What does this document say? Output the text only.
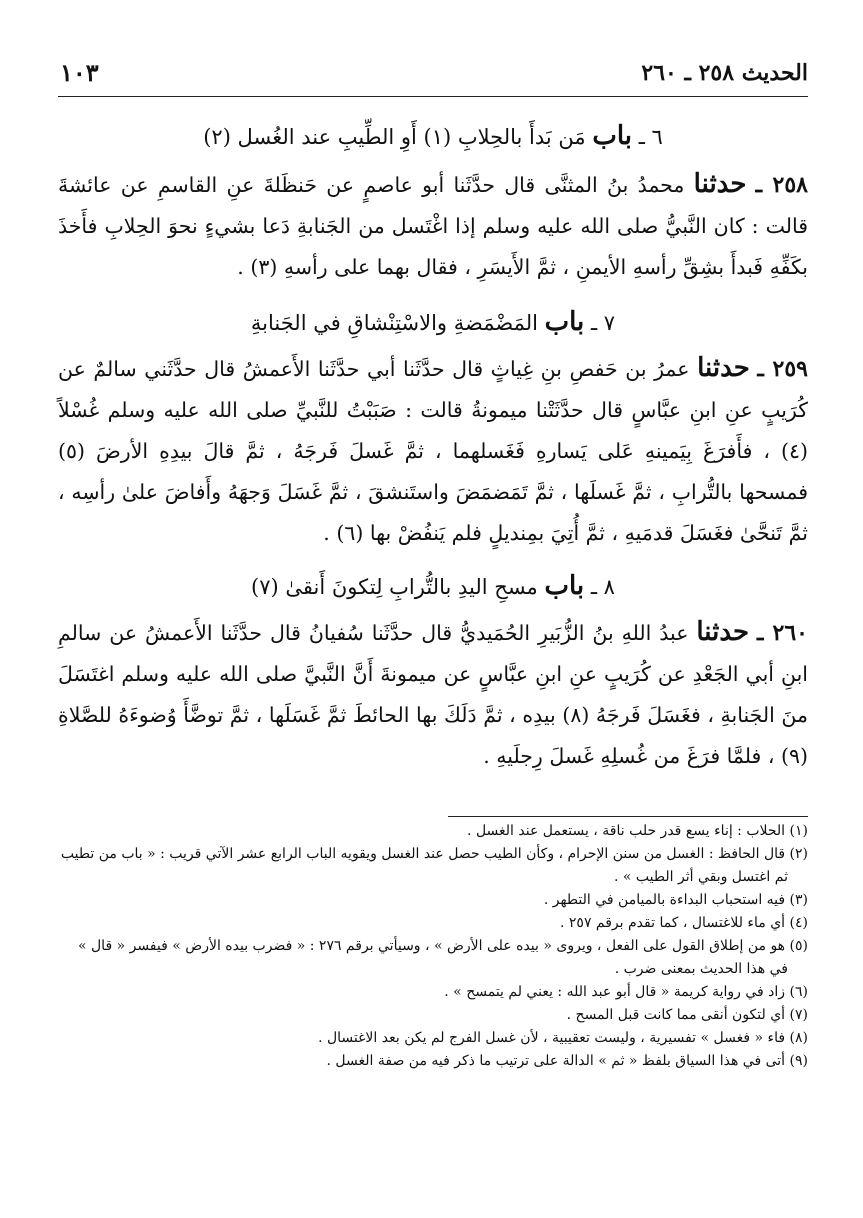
الحديث ٢٥٨ ـ ٢٦٠
١٠٣
٦ ـ باب مَن بَدأَ بالحِلابِ (١) أَوِ الطِّيبِ عند الغُسل (٢)

٢٥٨ ـ حدثنا محمدُ بنُ المثنَّى قال حدَّثَنا أبو عاصمٍ عن حَنظَلةَ عنِ القاسمِ عن عائشةَ قالت : كان النَّبيُّ صلى الله عليه وسلم إذا اغْتَسل من الجَنابةِ دَعا بشيءٍ نحوَ الحِلابِ فأَخذَ بكَفِّهِ فَبدأَ بشِقِّ رأسهِ الأيمنِ ، ثمَّ الأَيسَرِ ، فقال بهما على رأسهِ (٣) .

٧ ـ باب المَضْمَضةِ والاسْتِنْشاقِ في الجَنابةِ

٢٥٩ ـ حدثنا عمرُ بن حَفصِ بنِ غِياثٍ قال حدَّثَنا أبي حدَّثَنا الأَعمشُ قال حدَّثَني سالمٌ عن كُرَيبٍ عنِ ابنِ عبَّاسٍ قال حدَّثَتْنا ميمونةُ قالت : صَبَبْتُ للنَّبيِّ صلى الله عليه وسلم غُسْلاً (٤) ، فأَفرَغَ بِيَمينهِ عَلى يَسارهِ فَغَسلهما ، ثمَّ غَسلَ فَرجَهُ ، ثمَّ قالَ بيدِهِ الأرضَ (٥) فمسحها بالتُّرابِ ، ثمَّ غَسلَها ، ثمَّ تَمَضمَضَ واستَنشقَ ، ثمَّ غَسَلَ وَجهَهُ وأَفاضَ علىٰ رأسِه ، ثمَّ تَنحَّىٰ فغَسَلَ قدمَيهِ ، ثمَّ أُتِيَ بمِنديلٍ فلم يَنفُضْ بها (٦) .

٨ ـ باب مسحِ اليدِ بالتُّرابِ لِتكونَ أَنقىٰ (٧)

٢٦٠ ـ حدثنا عبدُ اللهِ بنُ الزُّبَيرِ الحُمَيديُّ قال حدَّثَنا سُفيانُ قال حدَّثَنا الأَعمشُ عن سالمِ ابنِ أبي الجَعْدِ عن كُرَيبٍ عنِ ابنِ عبَّاسٍ عن ميمونةَ أَنَّ النَّبيَّ صلى الله عليه وسلم اغتَسَلَ منَ الجَنابةِ ، فغَسَلَ فَرجَهُ (٨) بيدِه ، ثمَّ دَلَكَ بها الحائطَ ثمَّ غَسَلَها ، ثمَّ توضَّأَ وُضوءَهُ للصَّلاةِ (٩) ، فلمَّا فرَغَ من غُسلِهِ غَسلَ رِجلَيهِ .

(١) الحلاب : إناء يسع قدر حلب ناقة ، يستعمل عند الغسل .

(٢) قال الحافظ : الغسل من سنن الإحرام ، وكأن الطيب حصل عند الغسل ويقويه الباب الرابع عشر الآتي قريب : « باب من تطيب ثم اغتسل وبقي أثر الطيب » .

(٣) فيه استحباب البداءة بالميامن في التطهر .

(٤) أي ماء للاغتسال ، كما تقدم برقم ٢٥٧ .

(٥) هو من إطلاق القول على الفعل ، ويروى « بيده على الأرض » ، وسيأتي برقم ٢٧٦ : « فضرب بيده الأرض » فيفسر « قال » في هذا الحديث بمعنى ضرب .

(٦) زاد في رواية كريمة « قال أبو عبد الله : يعني لم يتمسح » .

(٧) أي لتكون أنقى مما كانت قبل المسح .

(٨) فاء « فغسل » تفسيرية ، وليست تعقيبية ، لأن غسل الفرج لم يكن بعد الاغتسال .

(٩) أتى في هذا السياق بلفظ « ثم » الدالة على ترتيب ما ذكر فيه من صفة الغسل .
